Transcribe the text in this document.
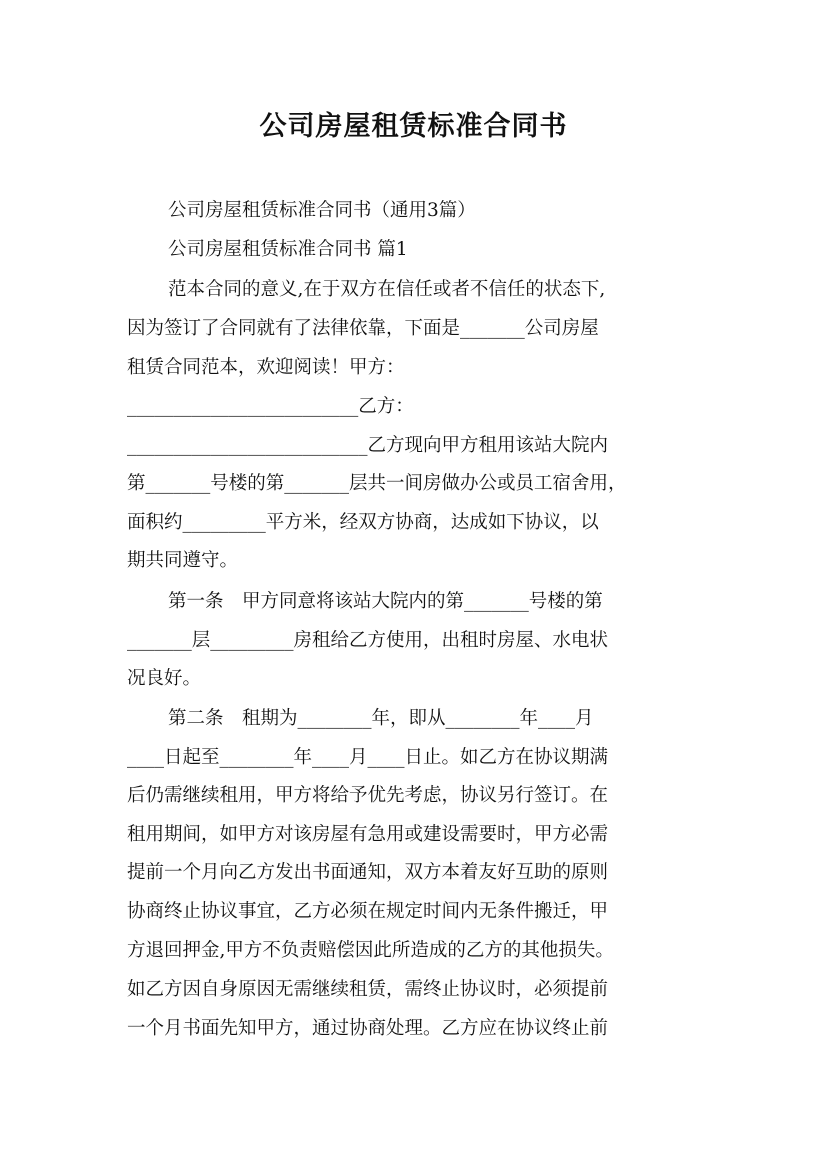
公司房屋租赁标准合同书
公司房屋租赁标准合同书（通用3篇）
公司房屋租赁标准合同书 篇1
范本合同的意义,在于双方在信任或者不信任的状态下,
因为签订了合同就有了法律依靠，下面是_______公司房屋
租赁合同范本，欢迎阅读！甲方：
_________________________乙方：
__________________________乙方现向甲方租用该站大院内
第_______号楼的第_______层共一间房做办公或员工宿舍用，
面积约_________平方米，经双方协商，达成如下协议，以
期共同遵守。
第一条　甲方同意将该站大院内的第_______号楼的第
_______层_________房租给乙方使用，出租时房屋、水电状
况良好。
第二条　租期为________年，即从________年____月
____日起至________年____月____日止。如乙方在协议期满
后仍需继续租用，甲方将给予优先考虑，协议另行签订。在
租用期间，如甲方对该房屋有急用或建设需要时，甲方必需
提前一个月向乙方发出书面通知，双方本着友好互助的原则
协商终止协议事宜，乙方必须在规定时间内无条件搬迁，甲
方退回押金,甲方不负责赔偿因此所造成的乙方的其他损失。
如乙方因自身原因无需继续租赁，需终止协议时，必须提前
一个月书面先知甲方，通过协商处理。乙方应在协议终止前
